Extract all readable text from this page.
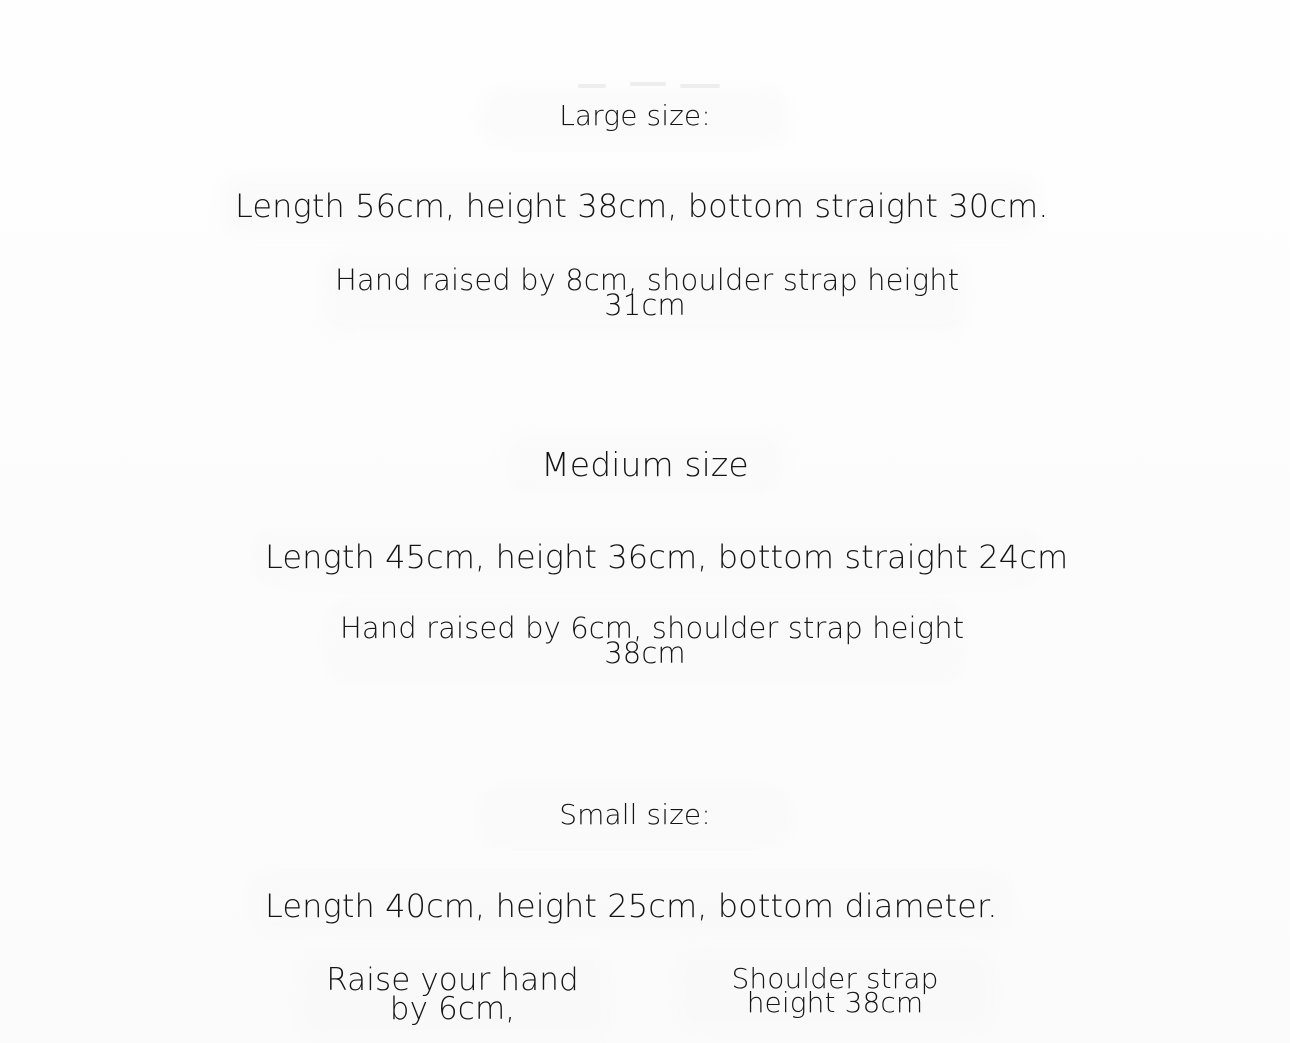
Large size:
Length 56cm, height 38cm, bottom straight 30cm.
Hand raised by 8cm, shoulder strap height
31cm
Medium size
Length 45cm, height 36cm, bottom straight 24cm
Hand raised by 6cm, shoulder strap height
38cm
Small size:
Length 40cm, height 25cm, bottom diameter.
Raise your hand
by 6cm,
Shoulder strap
height 38cm
